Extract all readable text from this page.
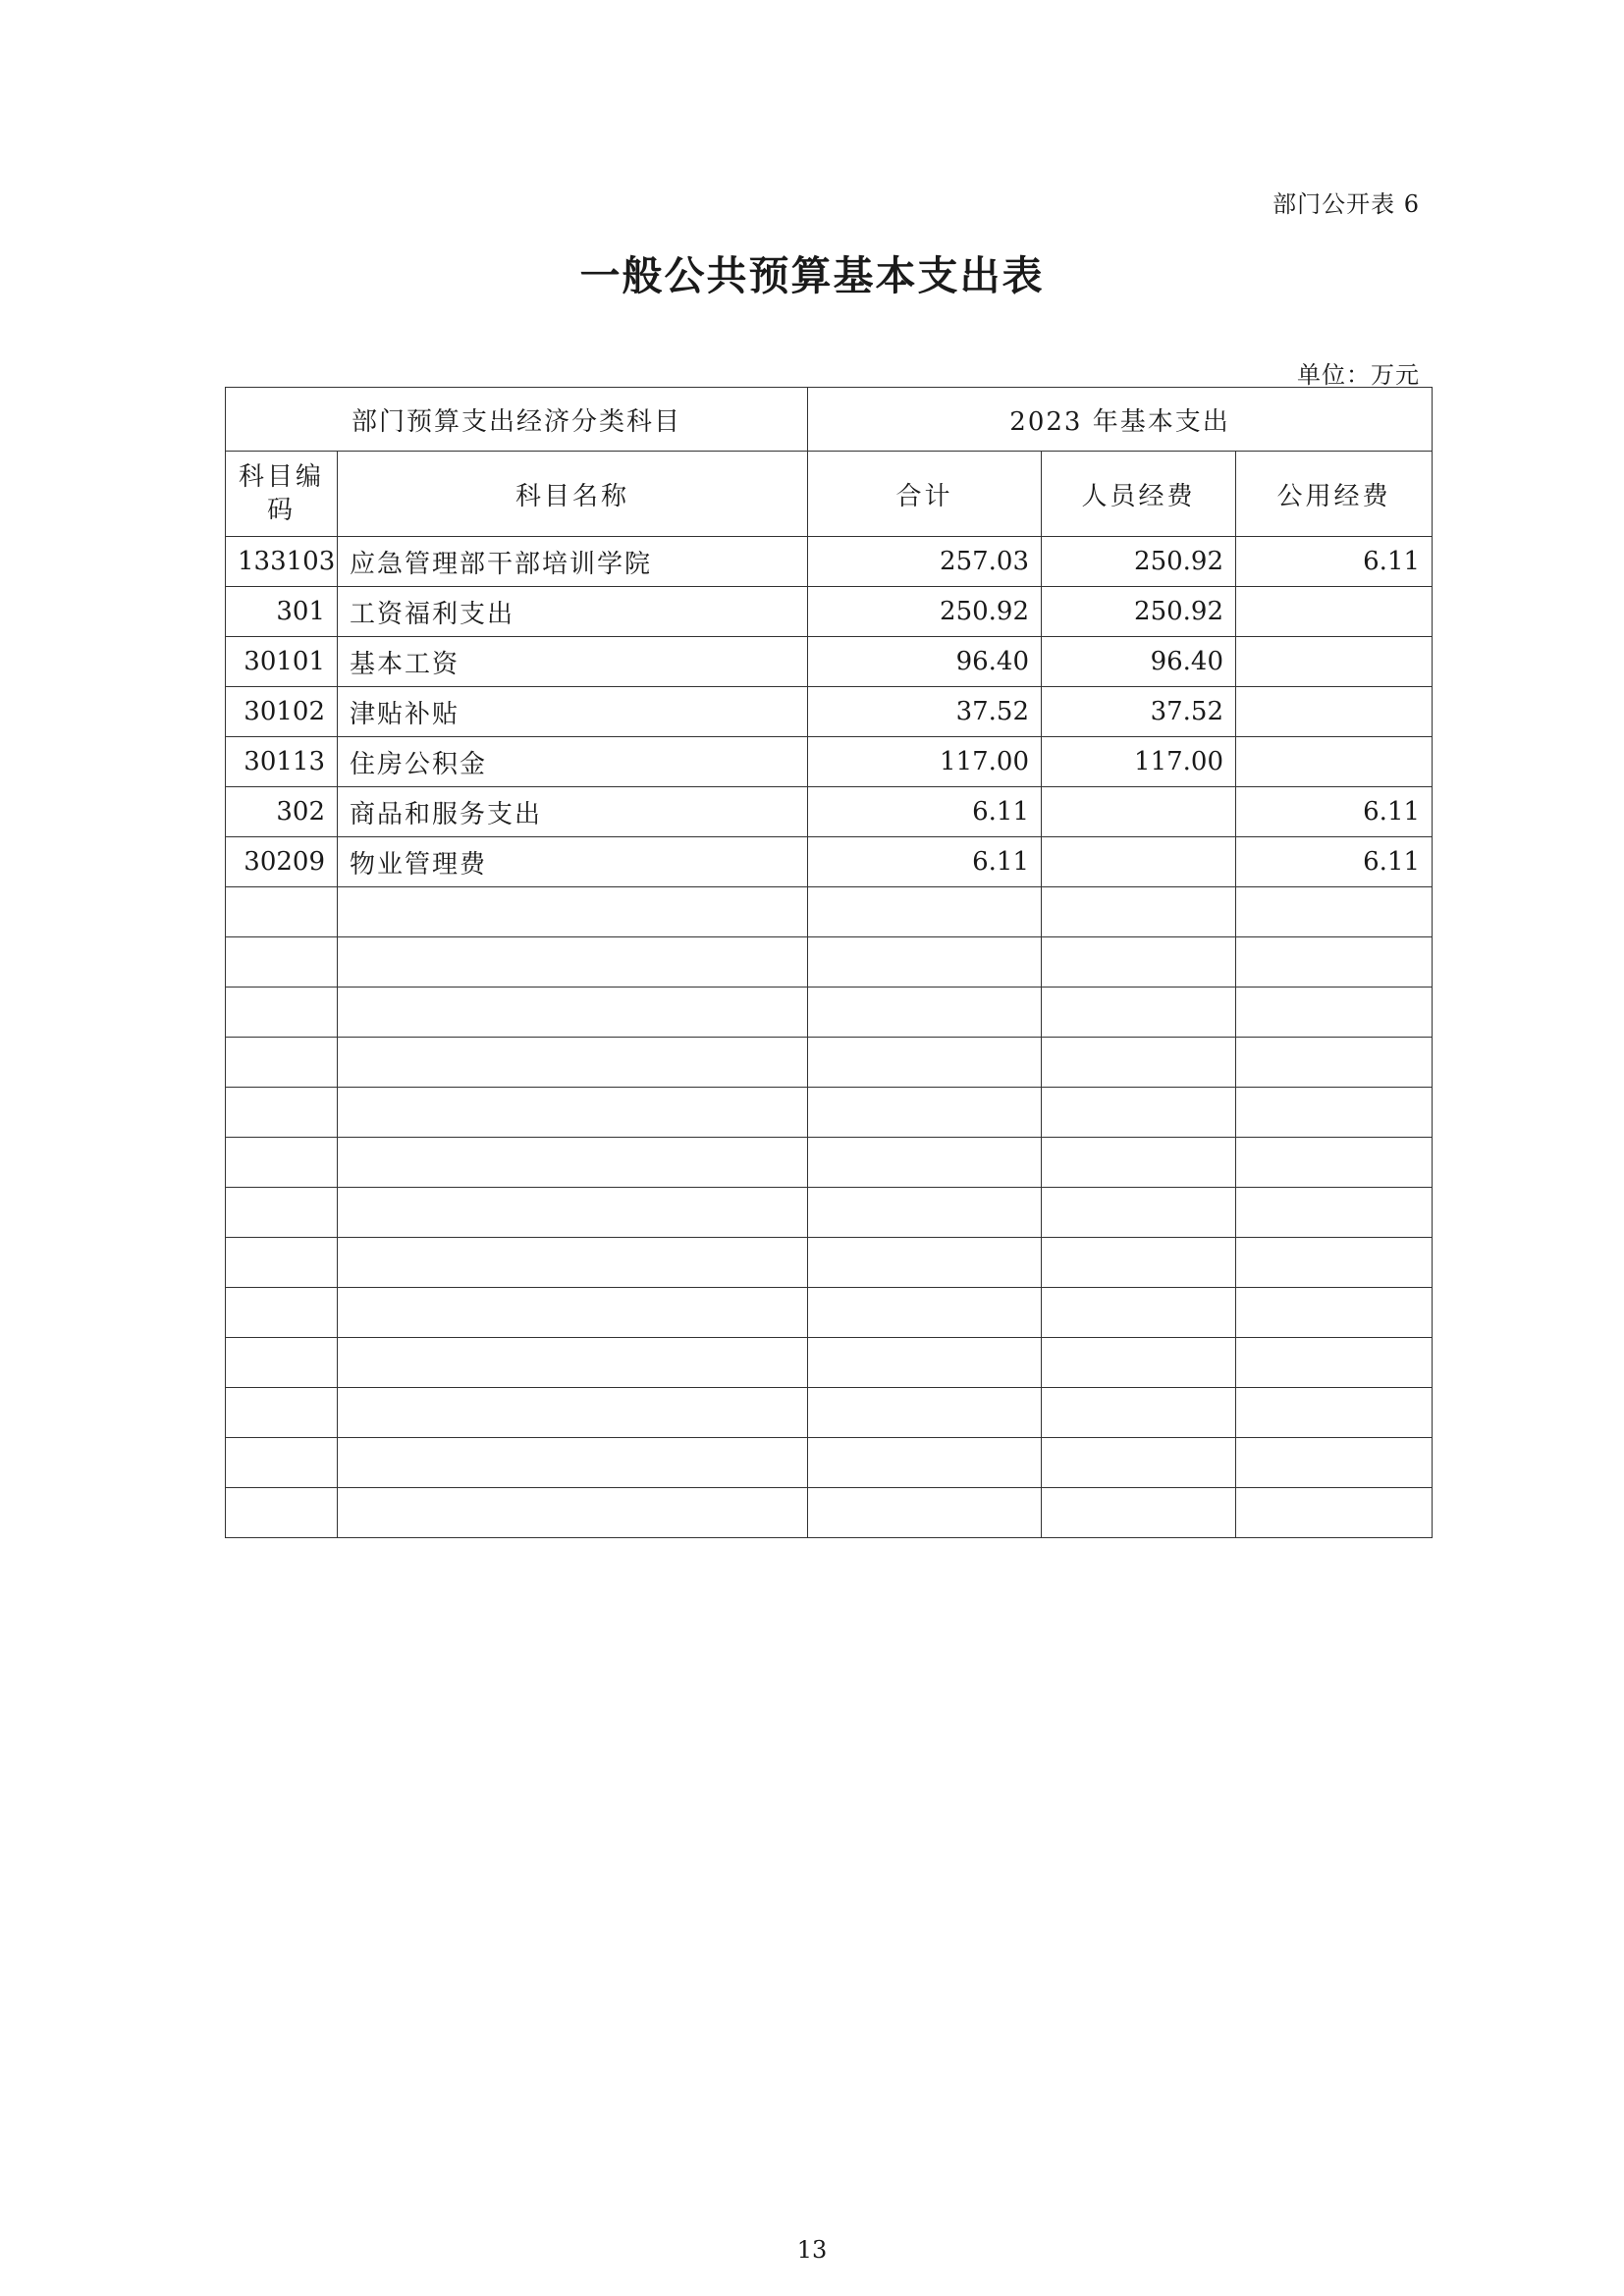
部门公开表 6
一般公共预算基本支出表
单位：万元
部门预算支出经济分类科目		2023 年基本支出		
科目编码	科目名称	合计	人员经费	公用经费
133103	应急管理部干部培训学院	257.03	250.92	6.11
301	工资福利支出	250.92	250.92	
30101	基本工资	96.40	96.40	
30102	津贴补贴	37.52	37.52	
30113	住房公积金	117.00	117.00	
302	商品和服务支出	6.11		6.11
30209	物业管理费	6.11		6.11

13
